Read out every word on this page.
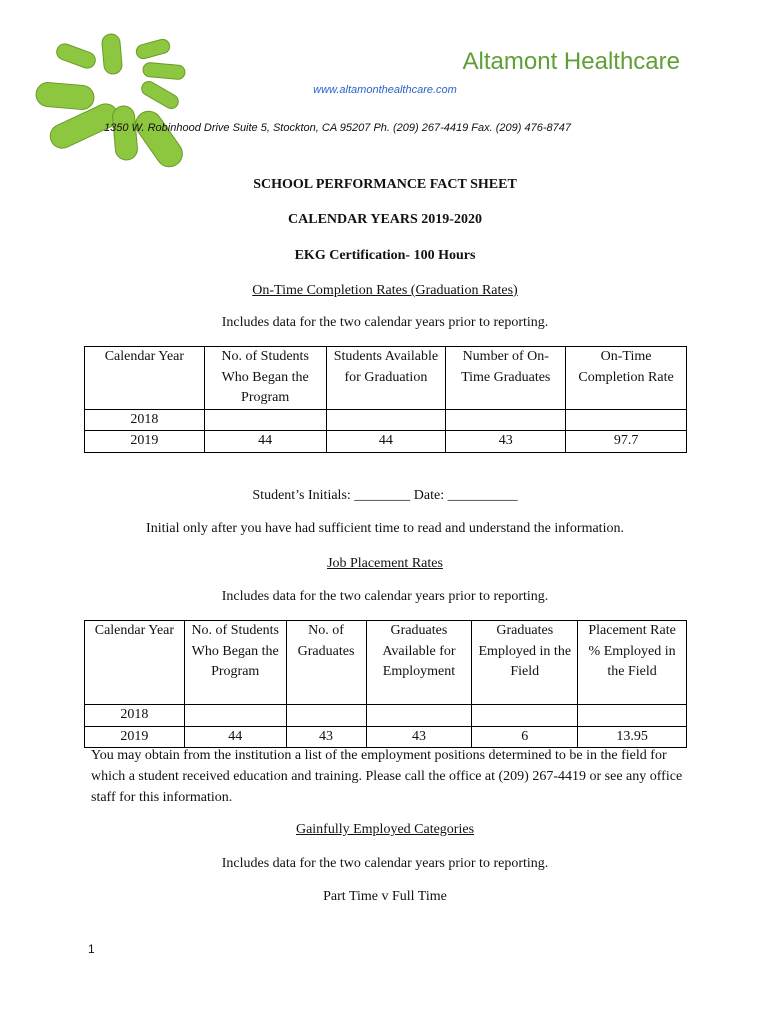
Altamont Healthcare
www.altamonthealthcare.com
1350 W. Robinhood Drive Suite 5, Stockton, CA 95207 Ph. (209) 267-4419 Fax. (209) 476-8747
SCHOOL PERFORMANCE FACT SHEET
CALENDAR YEARS 2019-2020
EKG Certification- 100 Hours
On-Time Completion Rates (Graduation Rates)
Includes data for the two calendar years prior to reporting.
Calendar Year	No. of Students Who Began the Program	Students Available for Graduation	Number of On-Time Graduates	On-Time Completion Rate
2018				
2019	44	44	43	97.7
Student’s Initials: ________ Date: __________
Initial only after you have had sufficient time to read and understand the information.
Job Placement Rates
Includes data for the two calendar years prior to reporting.
Calendar Year	No. of Students Who Began the Program	No. of Graduates	Graduates Available for Employment	Graduates Employed in the Field	Placement Rate % Employed in the Field
2018					
2019	44	43	43	6	13.95
You may obtain from the institution a list of the employment positions determined to be in the field for which a student received education and training. Please call the office at (209) 267-4419 or see any office staff for this information.
Gainfully Employed Categories
Includes data for the two calendar years prior to reporting.
Part Time v Full Time
1
